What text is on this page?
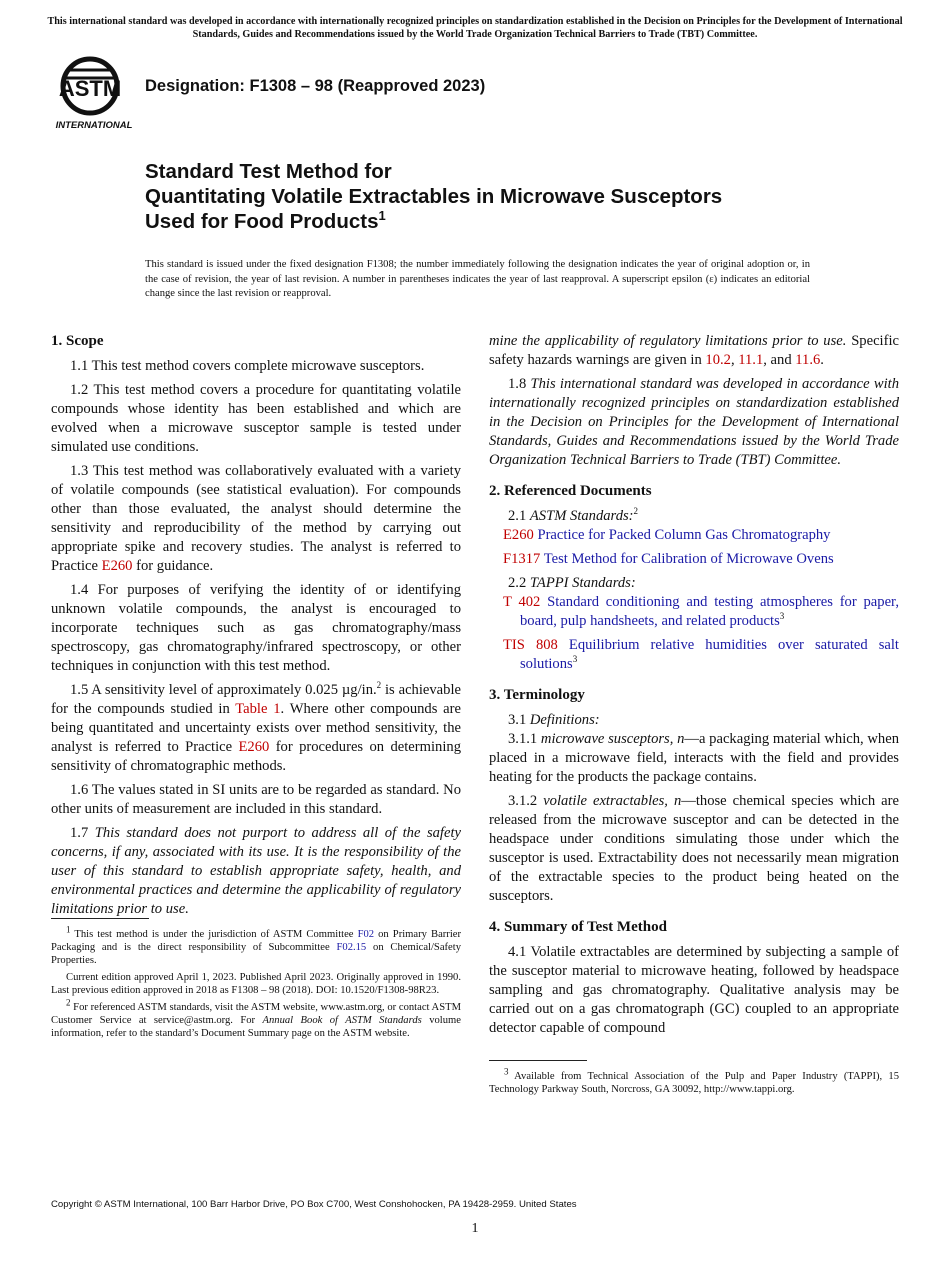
This international standard was developed in accordance with internationally recognized principles on standardization established in the Decision on Principles for the Development of International Standards, Guides and Recommendations issued by the World Trade Organization Technical Barriers to Trade (TBT) Committee.
ASTM
INTERNATIONAL
Designation: F1308 – 98 (Reapproved 2023)
Standard Test Method for
Quantitating Volatile Extractables in Microwave Susceptors
Used for Food Products$^1$
This standard is issued under the fixed designation F1308; the number immediately following the designation indicates the year of original adoption or, in the case of revision, the year of last revision. A number in parentheses indicates the year of last reapproval. A superscript epsilon (ε) indicates an editorial change since the last revision or reapproval.
1. Scope

1.1 This test method covers complete microwave susceptors.

1.2 This test method covers a procedure for quantitating volatile compounds whose identity has been established and which are evolved when a microwave susceptor sample is tested under simulated use conditions.

1.3 This test method was collaboratively evaluated with a variety of volatile compounds (see statistical evaluation). For compounds other than those evaluated, the analyst should determine the sensitivity and reproducibility of the method by carrying out appropriate spike and recovery studies. The analyst is referred to Practice E260 for guidance.

1.4 For purposes of verifying the identity of or identifying unknown volatile compounds, the analyst is encouraged to incorporate techniques such as gas chromatography/mass spectroscopy, gas chromatography/infrared spectroscopy, or other techniques in conjunction with this test method.

1.5 A sensitivity level of approximately 0.025 µg/in.$^2$ is achievable for the compounds studied in Table 1. Where other compounds are being quantitated and uncertainty exists over method sensitivity, the analyst is referred to Practice E260 for procedures on determining sensitivity of chromatographic methods.

1.6 The values stated in SI units are to be regarded as standard. No other units of measurement are included in this standard.

1.7 This standard does not purport to address all of the safety concerns, if any, associated with its use. It is the responsibility of the user of this standard to establish appropriate safety, health, and environmental practices and determine the applicability of regulatory limitations prior to use.

$^1$ This test method is under the jurisdiction of ASTM Committee F02 on Primary Barrier Packaging and is the direct responsibility of Subcommittee F02.15 on Chemical/Safety Properties.

Current edition approved April 1, 2023. Published April 2023. Originally approved in 1990. Last previous edition approved in 2018 as F1308 – 98 (2018). DOI: 10.1520/F1308-98R23.

$^2$ For referenced ASTM standards, visit the ASTM website, www.astm.org, or contact ASTM Customer Service at service@astm.org. For Annual Book of ASTM Standards volume information, refer to the standard’s Document Summary page on the ASTM website.

mine the applicability of regulatory limitations prior to use. Specific safety hazards warnings are given in 10.2, 11.1, and 11.6.

1.8 This international standard was developed in accordance with internationally recognized principles on standardization established in the Decision on Principles for the Development of International Standards, Guides and Recommendations issued by the World Trade Organization Technical Barriers to Trade (TBT) Committee.

2. Referenced Documents

2.1 ASTM Standards:$^2$

E260 Practice for Packed Column Gas Chromatography

F1317 Test Method for Calibration of Microwave Ovens

2.2 TAPPI Standards:

T 402 Standard conditioning and testing atmospheres for paper, board, pulp handsheets, and related products$^3$

TIS 808 Equilibrium relative humidities over saturated salt solutions$^3$

3. Terminology

3.1 Definitions:

3.1.1 microwave susceptors, n—a packaging material which, when placed in a microwave field, interacts with the field and provides heating for the products the package contains.

3.1.2 volatile extractables, n—those chemical species which are released from the microwave susceptor and can be detected in the headspace under conditions simulating those under which the susceptor is used. Extractability does not necessarily mean migration of the extractable species to the product being heated on the susceptors.

4. Summary of Test Method

4.1 Volatile extractables are determined by subjecting a sample of the susceptor material to microwave heating, followed by headspace sampling and gas chromatography. Qualitative analysis may be carried out on a gas chromatograph (GC) coupled to an appropriate detector capable of compound

$^3$ Available from Technical Association of the Pulp and Paper Industry (TAPPI), 15 Technology Parkway South, Norcross, GA 30092, http://www.tappi.org.

Copyright © ASTM International, 100 Barr Harbor Drive, PO Box C700, West Conshohocken, PA 19428-2959. United States
1
